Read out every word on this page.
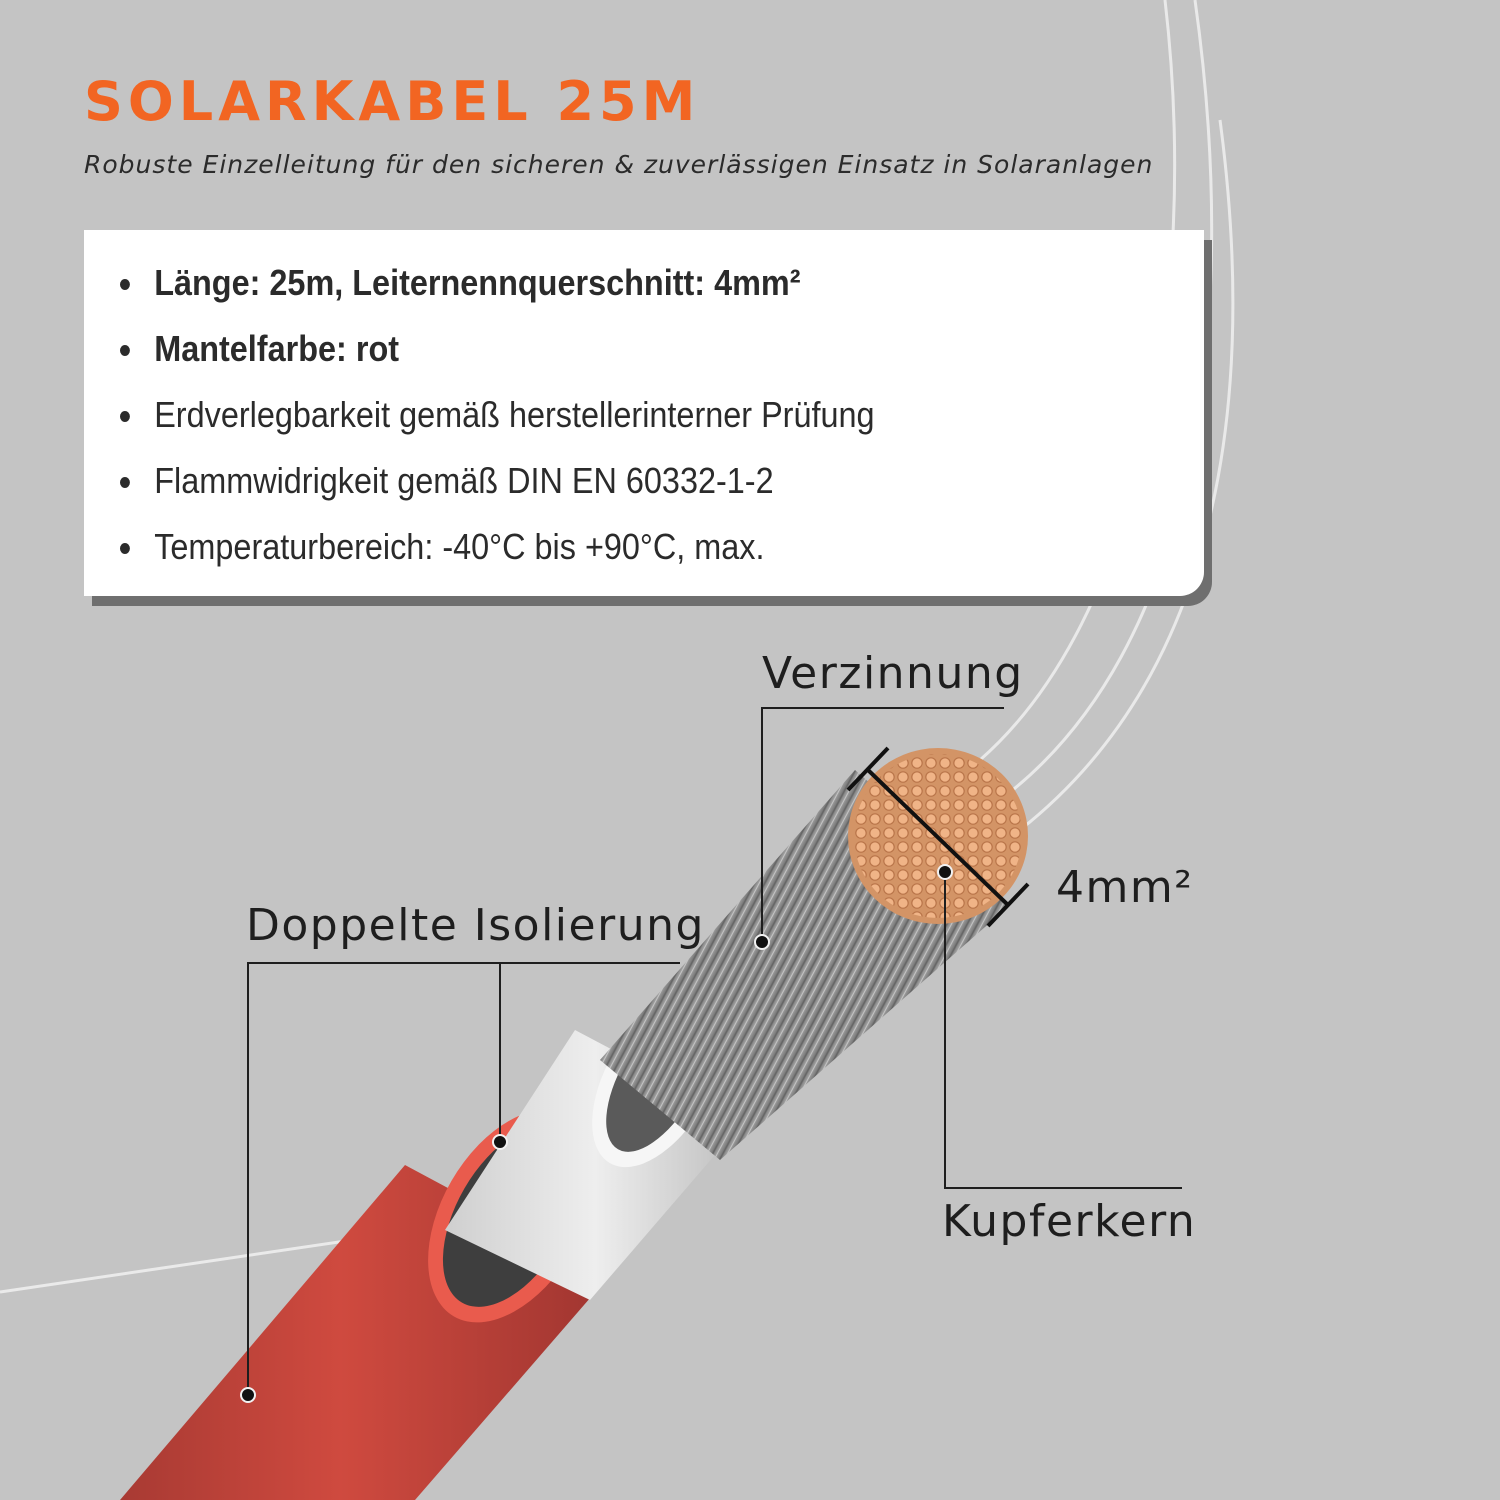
SOLARKABEL 25M

Robuste Einzelleitung für den sicheren & zuverlässigen Einsatz in Solaranlagen

Länge: 25m, Leiternennquerschnitt: 4mm²
Mantelfarbe: rot
Erdverlegbarkeit gemäß herstellerinterner Prüfung
Flammwidrigkeit gemäß DIN EN 60332-1-2
Temperaturbereich: -40°C bis +90°C, max.

Verzinnung

Doppelte Isolierung

4mm²

Kupferkern
